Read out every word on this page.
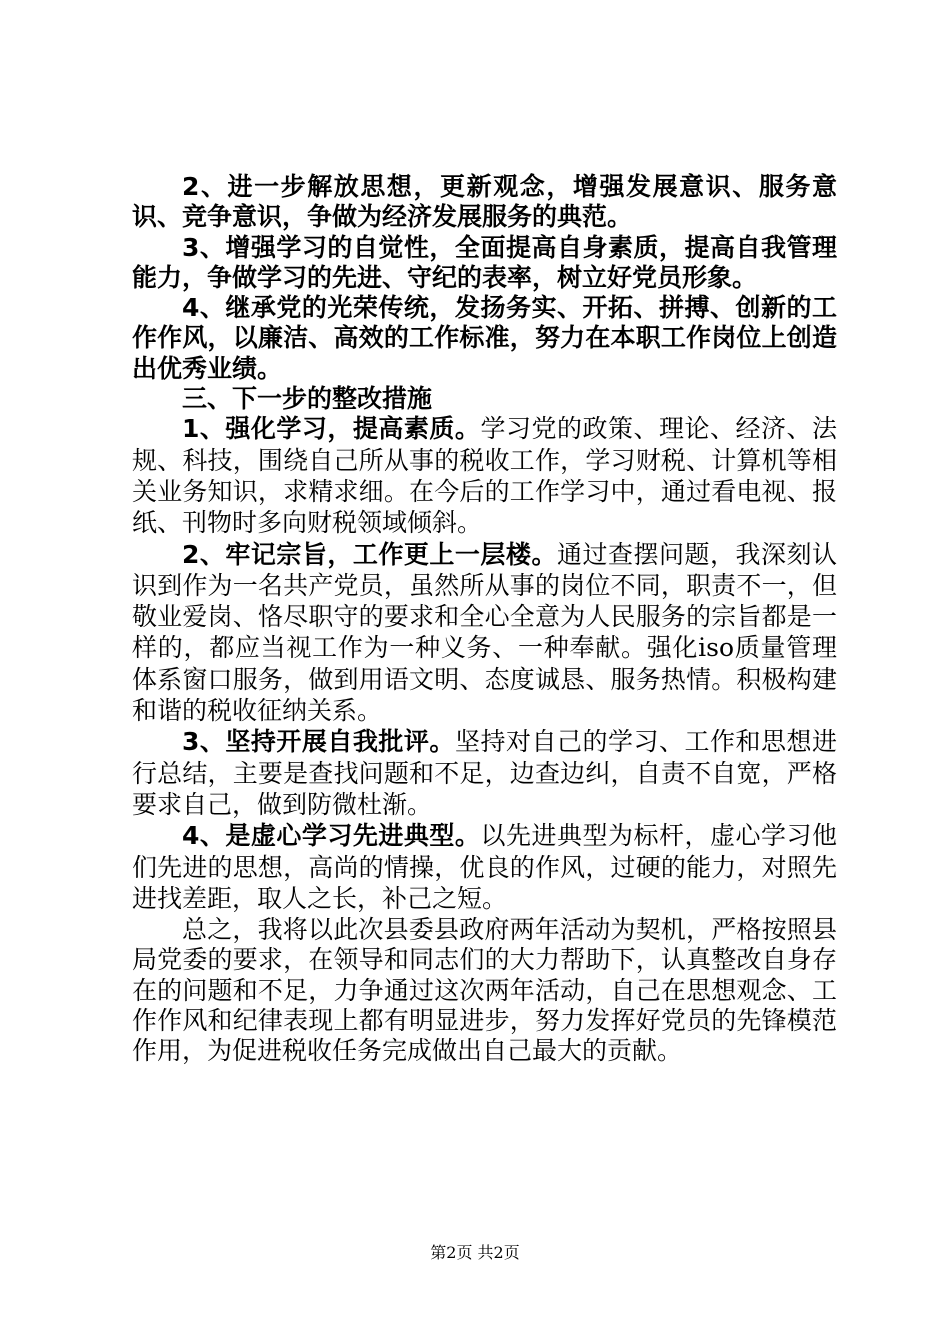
2、进一步解放思想，更新观念，增强发展意识、服务意识、竞争意识，争做为经济发展服务的典范。

3、增强学习的自觉性，全面提高自身素质，提高自我管理能力，争做学习的先进、守纪的表率，树立好党员形象。

4、继承党的光荣传统，发扬务实、开拓、拼搏、创新的工作作风，以廉洁、高效的工作标准，努力在本职工作岗位上创造出优秀业绩。

三、下一步的整改措施

1、强化学习，提高素质。学习党的政策、理论、经济、法规、科技，围绕自己所从事的税收工作，学习财税、计算机等相关业务知识，求精求细。在今后的工作学习中，通过看电视、报纸、刊物时多向财税领域倾斜。

2、牢记宗旨，工作更上一层楼。通过查摆问题，我深刻认识到作为一名共产党员，虽然所从事的岗位不同，职责不一，但敬业爱岗、恪尽职守的要求和全心全意为人民服务的宗旨都是一样的，都应当视工作为一种义务、一种奉献。强化iso质量管理体系窗口服务，做到用语文明、态度诚恳、服务热情。积极构建和谐的税收征纳关系。

3、坚持开展自我批评。坚持对自己的学习、工作和思想进行总结，主要是查找问题和不足，边查边纠，自责不自宽，严格要求自己，做到防微杜渐。

4、是虚心学习先进典型。以先进典型为标杆，虚心学习他们先进的思想，高尚的情操，优良的作风，过硬的能力，对照先进找差距，取人之长，补己之短。

总之，我将以此次县委县政府两年活动为契机，严格按照县局党委的要求，在领导和同志们的大力帮助下，认真整改自身存在的问题和不足，力争通过这次两年活动，自己在思想观念、工作作风和纪律表现上都有明显进步，努力发挥好党员的先锋模范作用，为促进税收任务完成做出自己最大的贡献。

第2页 共2页
